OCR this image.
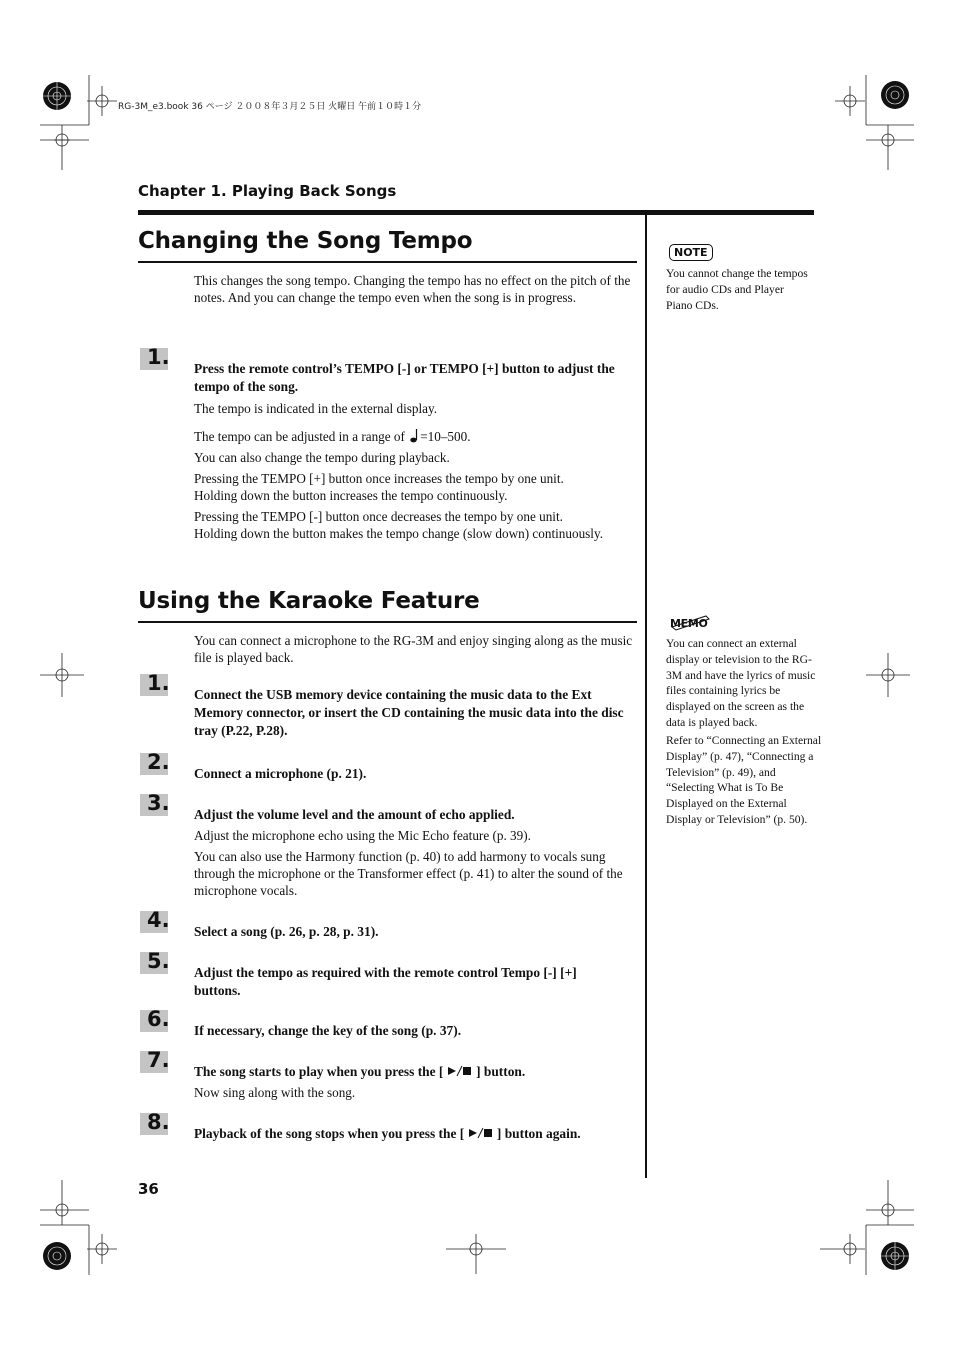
RG-3M_e3.book 36 ページ ２００８年３月２５日 火曜日 午前１０時１分
Chapter 1. Playing Back Songs
Changing the Song Tempo
This changes the song tempo. Changing the tempo has no effect on the pitch of the notes. And you can change the tempo even when the song is in progress.
1. Press the remote control’s TEMPO [-] or TEMPO [+] button to adjust the tempo of the song.
The tempo is indicated in the external display.
The tempo can be adjusted in a range of =10–500.
You can also change the tempo during playback.
Pressing the TEMPO [+] button once increases the tempo by one unit. Holding down the button increases the tempo continuously.
Pressing the TEMPO [-] button once decreases the tempo by one unit. Holding down the button makes the tempo change (slow down) continuously.
Using the Karaoke Feature
You can connect a microphone to the RG-3M and enjoy singing along as the music file is played back.
1. Connect the USB memory device containing the music data to the Ext Memory connector, or insert the CD containing the music data into the disc tray (P.22, P.28).
2. Connect a microphone (p. 21).
3. Adjust the volume level and the amount of echo applied.
Adjust the microphone echo using the Mic Echo feature (p. 39).
You can also use the Harmony function (p. 40) to add harmony to vocals sung through the microphone or the Transformer effect (p. 41) to alter the sound of the microphone vocals.
4. Select a song (p. 26, p. 28, p. 31).
5. Adjust the tempo as required with the remote control Tempo [-] [+] buttons.
6. If necessary, change the key of the song (p. 37).
7. The song starts to play when you press the [ ] button.
Now sing along with the song.
8. Playback of the song stops when you press the [ ] button again.
NOTE
You cannot change the tempos for audio CDs and Player Piano CDs.
MEMO
You can connect an external display or television to the RG-3M and have the lyrics of music files containing lyrics be displayed on the screen as the data is played back.
Refer to “Connecting an External Display” (p. 47), “Connecting a Television” (p. 49), and “Selecting What is To Be Displayed on the External Display or Television” (p. 50).
36
